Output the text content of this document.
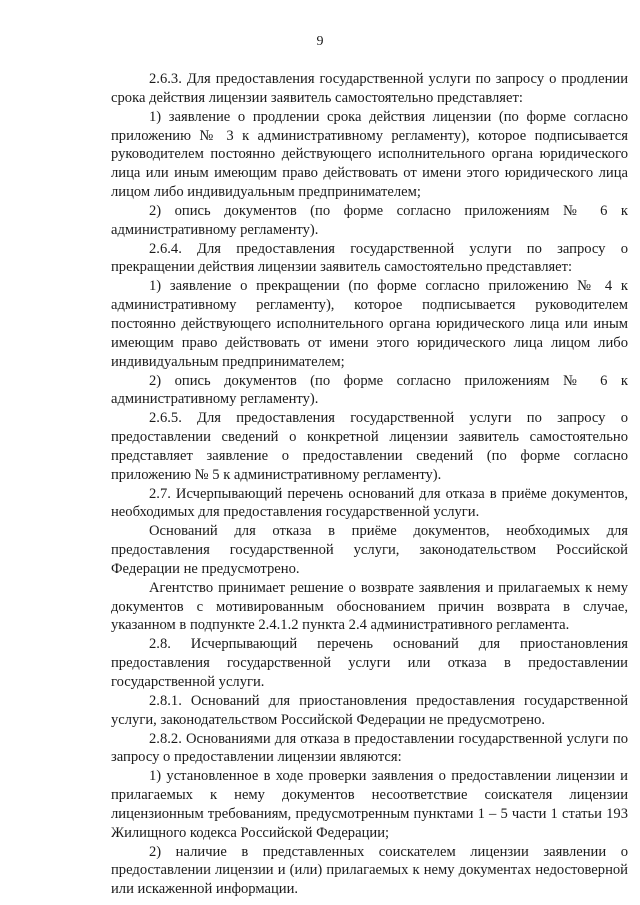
9

2.6.3. Для предоставления государственной услуги по запросу о продлении срока действия лицензии заявитель самостоятельно представляет:

1) заявление о продлении срока действия лицензии (по форме согласно приложению № 3 к административному регламенту), которое подписывается руководителем постоянно действующего исполнительного органа юридического лица или иным имеющим право действовать от имени этого юридического лица лицом либо индивидуальным предпринимателем;

2) опись документов (по форме согласно приложениям № 6 к административному регламенту).

2.6.4. Для предоставления государственной услуги по запросу о прекращении действия лицензии заявитель самостоятельно представляет:

1) заявление о прекращении (по форме согласно приложению № 4 к административному регламенту), которое подписывается руководителем постоянно действующего исполнительного органа юридического лица или иным имеющим право действовать от имени этого юридического лица лицом либо индивидуальным предпринимателем;

2) опись документов (по форме согласно приложениям № 6 к административному регламенту).

2.6.5. Для предоставления государственной услуги по запросу о предоставлении сведений о конкретной лицензии заявитель самостоятельно представляет заявление о предоставлении сведений (по форме согласно приложению № 5 к административному регламенту).

2.7. Исчерпывающий перечень оснований для отказа в приёме документов, необходимых для предоставления государственной услуги.

Оснований для отказа в приёме документов, необходимых для предоставления государственной услуги, законодательством Российской Федерации не предусмотрено.

Агентство принимает решение о возврате заявления и прилагаемых к нему документов с мотивированным обоснованием причин возврата в случае, указанном в подпункте 2.4.1.2 пункта 2.4 административного регламента.

2.8. Исчерпывающий перечень оснований для приостановления предоставления государственной услуги или отказа в предоставлении государственной услуги.

2.8.1. Оснований для приостановления предоставления государственной услуги, законодательством Российской Федерации не предусмотрено.

2.8.2. Основаниями для отказа в предоставлении государственной услуги по запросу о предоставлении лицензии являются:

1) установленное в ходе проверки заявления о предоставлении лицензии и прилагаемых к нему документов несоответствие соискателя лицензии лицензионным требованиям, предусмотренным пунктами 1 – 5 части 1 статьи 193 Жилищного кодекса Российской Федерации;

2) наличие в представленных соискателем лицензии заявлении о предоставлении лицензии и (или) прилагаемых к нему документах недостоверной или искаженной информации.
